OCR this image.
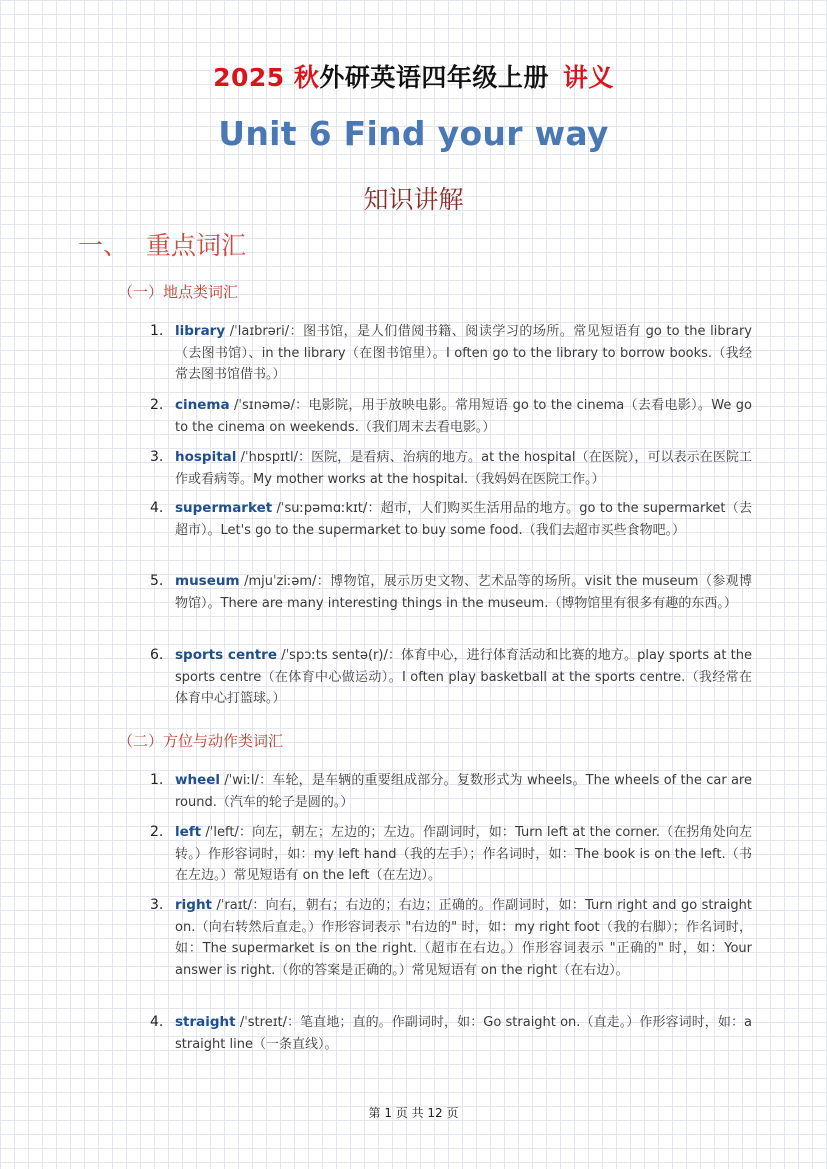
2025 秋外研英语四年级上册 讲义
Unit 6 Find your way
知识讲解
一、 重点词汇
（一）地点类词汇
1. library /ˈlaɪbrəri/：图书馆，是人们借阅书籍、阅读学习的场所。常见短语有 go to the library（去图书馆）、in the library（在图书馆里）。I often go to the library to borrow books.（我经常去图书馆借书。）
2. cinema /ˈsɪnəmə/：电影院，用于放映电影。常用短语 go to the cinema（去看电影）。We go to the cinema on weekends.（我们周末去看电影。）
3. hospital /ˈhɒspɪtl/：医院，是看病、治病的地方。at the hospital（在医院），可以表示在医院工作或看病等。My mother works at the hospital.（我妈妈在医院工作。）
4. supermarket /ˈsuːpəmɑːkɪt/：超市，人们购买生活用品的地方。go to the supermarket（去超市）。Let's go to the supermarket to buy some food.（我们去超市买些食物吧。）
5. museum /mjuˈziːəm/：博物馆，展示历史文物、艺术品等的场所。visit the museum（参观博物馆）。There are many interesting things in the museum.（博物馆里有很多有趣的东西。）
6. sports centre /ˈspɔːts sentə(r)/：体育中心，进行体育活动和比赛的地方。play sports at the sports centre（在体育中心做运动）。I often play basketball at the sports centre.（我经常在体育中心打篮球。）
（二）方位与动作类词汇
1. wheel /ˈwiːl/：车轮，是车辆的重要组成部分。复数形式为 wheels。The wheels of the car are round.（汽车的轮子是圆的。）
2. left /ˈleft/：向左，朝左；左边的；左边。作副词时，如：Turn left at the corner.（在拐角处向左转。）作形容词时，如：my left hand（我的左手）；作名词时，如：The book is on the left.（书在左边。）常见短语有 on the left（在左边）。
3. right /ˈraɪt/：向右，朝右；右边的；右边；正确的。作副词时，如：Turn right and go straight on.（向右转然后直走。）作形容词表示 "右边的" 时，如：my right foot（我的右脚）；作名词时，如：The supermarket is on the right.（超市在右边。）作形容词表示 "正确的" 时，如：Your answer is right.（你的答案是正确的。）常见短语有 on the right（在右边）。
4. straight /ˈstreɪt/：笔直地；直的。作副词时，如：Go straight on.（直走。）作形容词时，如：a straight line（一条直线）。
第 1 页 共 12 页
